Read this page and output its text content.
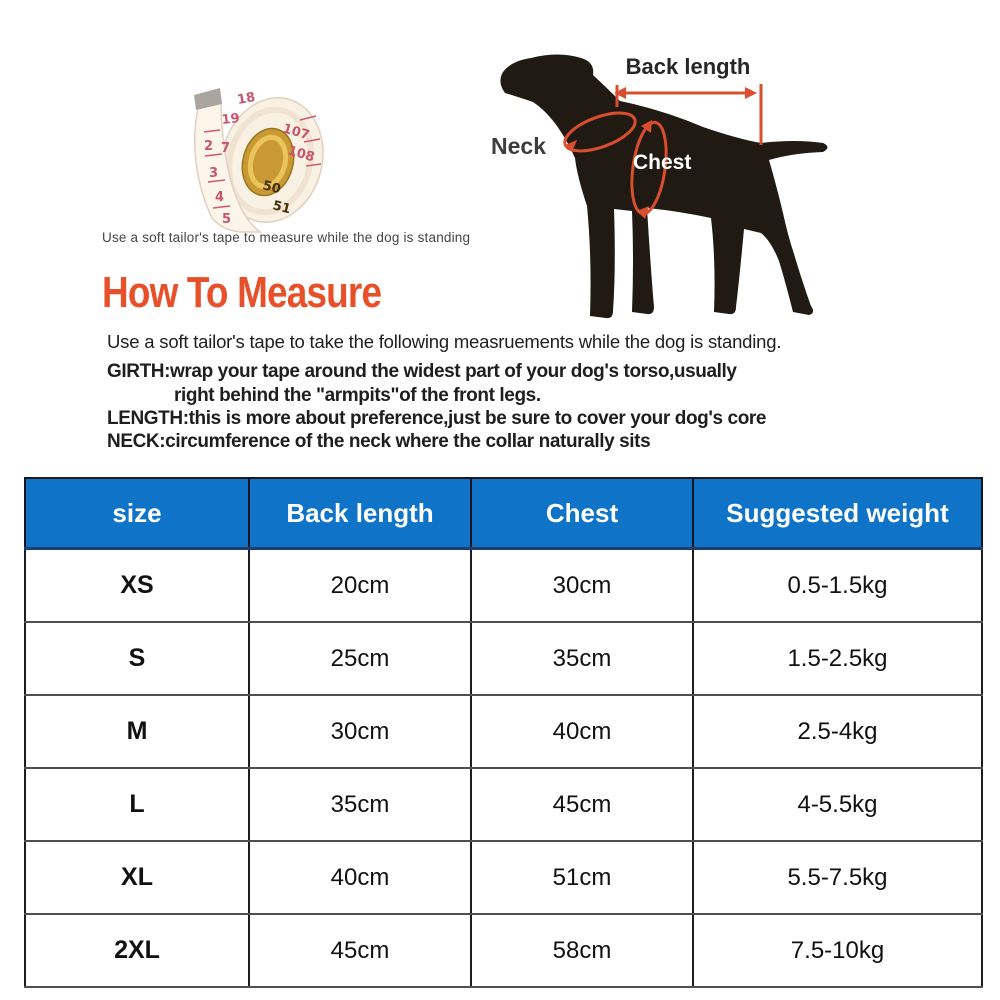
18
19
107
108
50
51
2 7
3
4
5
Use a soft tailor's tape to measure while the dog is standing
Back length
Neck
Chest
How To Measure
Use a soft tailor's tape to take the following measruements while the dog is standing.
GIRTH:wrap your tape around the widest part of your dog's torso,usually
right behind the "armpits"of the front legs.
LENGTH:this is more about preference,just be sure to cover your dog's core
NECK:circumference of the neck where the collar naturally sits
size	Back length	Chest	Suggested weight
XS	20cm	30cm	0.5-1.5kg
S	25cm	35cm	1.5-2.5kg
M	30cm	40cm	2.5-4kg
L	35cm	45cm	4-5.5kg
XL	40cm	51cm	5.5-7.5kg
2XL	45cm	58cm	7.5-10kg
